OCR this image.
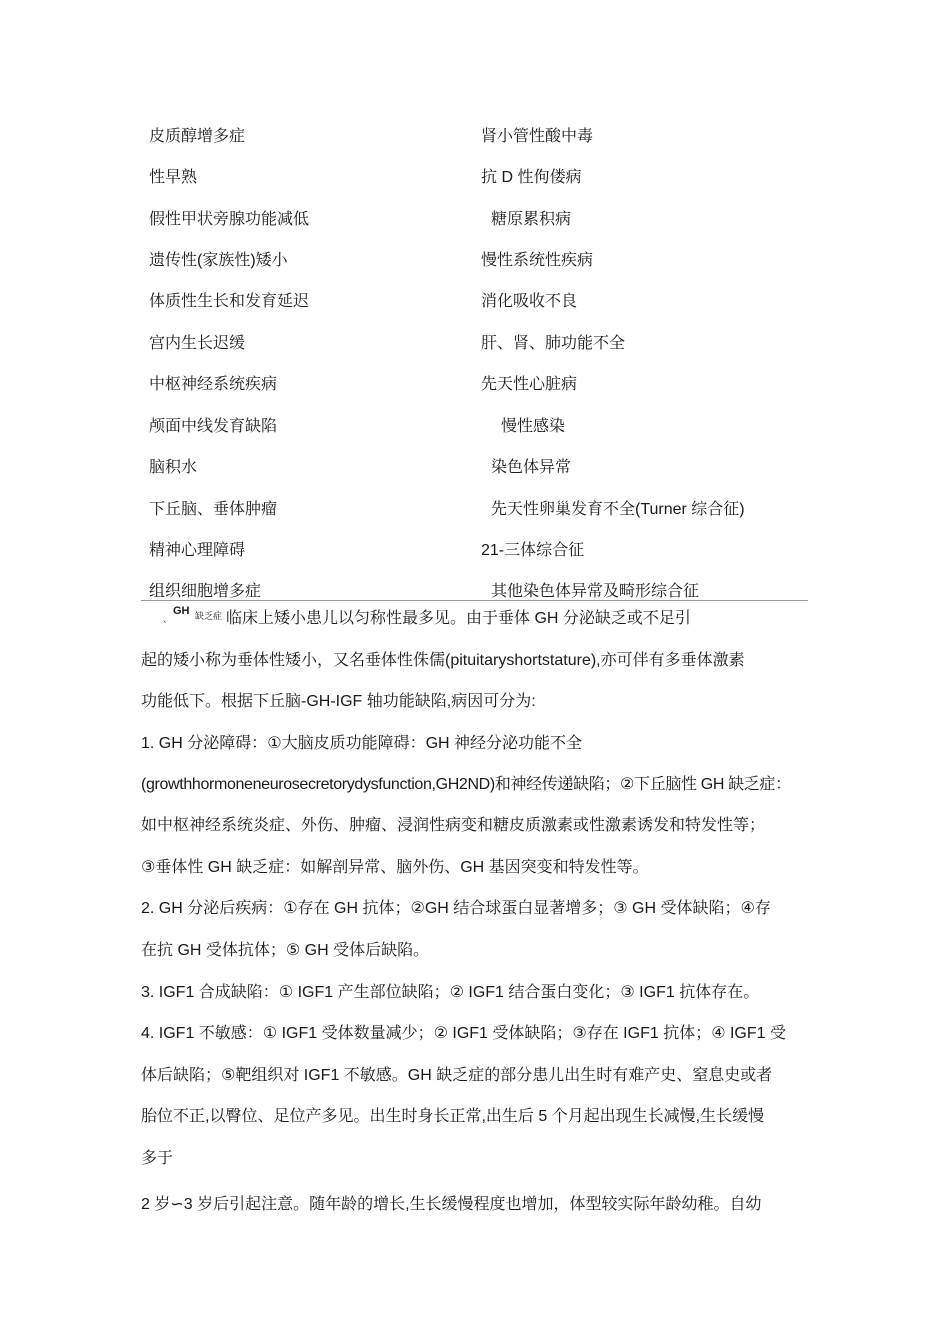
皮质醇增多症
性早熟
假性甲状旁腺功能减低
遗传性(家族性)矮小
体质性生长和发育延迟
宫内生长迟缓
中枢神经系统疾病
颅面中线发育缺陷
脑积水
下丘脑、垂体肿瘤
精神心理障碍
组织细胞增多症
肾小管性酸中毒
抗 D 性佝偻病
糖原累积病
慢性系统性疾病
消化吸收不良
肝、肾、肺功能不全
先天性心脏病
慢性感染
染色体异常
先天性卵巢发育不全(Turner 综合征)
21-三体综合征
其他染色体异常及畸形综合征
、
GH 缺乏症 临床上矮小患儿以匀称性最多见。由于垂体 GH 分泌缺乏或不足引
起的矮小称为垂体性矮小，又名垂体性侏儒(pituitaryshortstature),亦可伴有多垂体激素
功能低下。根据下丘脑-GH-IGF 轴功能缺陷,病因可分为:
1. GH 分泌障碍：①大脑皮质功能障碍：GH 神经分泌功能不全
(growthhormoneneurosecretorydysfunction,GH2ND)和神经传递缺陷；②下丘脑性 GH 缺乏症：
如中枢神经系统炎症、外伤、肿瘤、浸润性病变和糖皮质激素或性激素诱发和特发性等；
③垂体性 GH 缺乏症：如解剖异常、脑外伤、GH 基因突变和特发性等。
2. GH 分泌后疾病：①存在 GH 抗体；②GH 结合球蛋白显著增多；③ GH 受体缺陷；④存
在抗 GH 受体抗体；⑤ GH 受体后缺陷。
3. IGF1 合成缺陷：① IGF1 产生部位缺陷；② IGF1 结合蛋白变化；③ IGF1 抗体存在。
4. IGF1 不敏感：① IGF1 受体数量减少；② IGF1 受体缺陷；③存在 IGF1 抗体；④ IGF1 受
体后缺陷；⑤靶组织对 IGF1 不敏感。GH 缺乏症的部分患儿出生时有难产史、窒息史或者
胎位不正,以臀位、足位产多见。出生时身长正常,出生后 5 个月起出现生长减慢,生长缓慢
多于
2 岁∽3 岁后引起注意。随年龄的增长,生长缓慢程度也增加，体型较实际年龄幼稚。自幼
